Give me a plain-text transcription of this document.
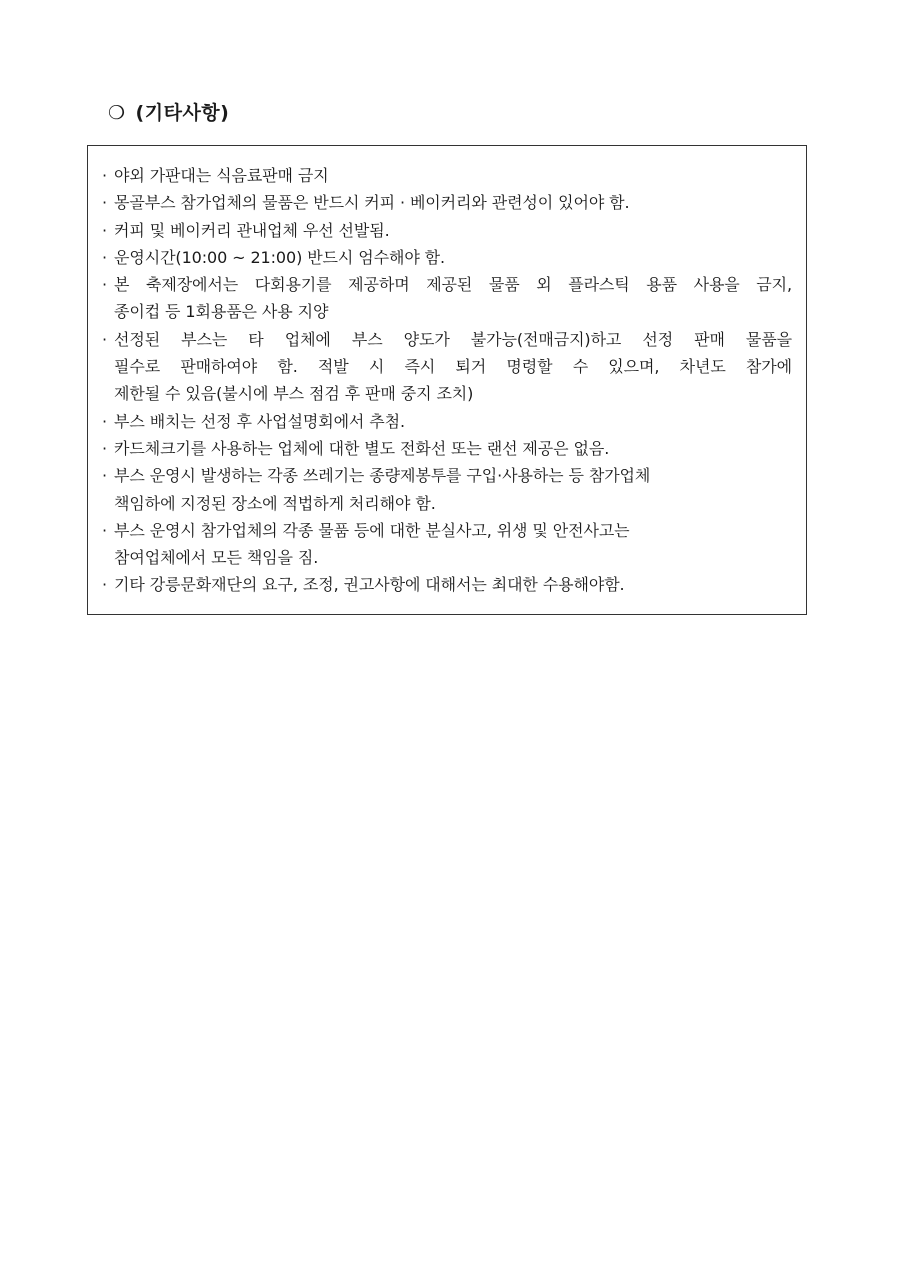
❍ (기타사항)
· 야외 가판대는 식음료판매 금지
· 몽골부스 참가업체의 물품은 반드시 커피 · 베이커리와 관련성이 있어야 함.
· 커피 및 베이커리 관내업체 우선 선발됨.
· 운영시간(10:00 ~ 21:00) 반드시 엄수해야 함.
· 본 축제장에서는 다회용기를 제공하며 제공된 물품 외 플라스틱 용품 사용을 금지,
종이컵 등 1회용품은 사용 지양
· 선정된 부스는 타 업체에 부스 양도가 불가능(전매금지)하고 선정 판매 물품을
필수로 판매하여야 함. 적발 시 즉시 퇴거 명령할 수 있으며, 차년도 참가에
제한될 수 있음(불시에 부스 점검 후 판매 중지 조치)
· 부스 배치는 선정 후 사업설명회에서 추첨.
· 카드체크기를 사용하는 업체에 대한 별도 전화선 또는 랜선 제공은 없음.
· 부스 운영시 발생하는 각종 쓰레기는 종량제봉투를 구입·사용하는 등 참가업체
책임하에 지정된 장소에 적법하게 처리해야 함.
· 부스 운영시 참가업체의 각종 물품 등에 대한 분실사고, 위생 및 안전사고는
참여업체에서 모든 책임을 짐.
· 기타 강릉문화재단의 요구, 조정, 권고사항에 대해서는 최대한 수용해야함.
